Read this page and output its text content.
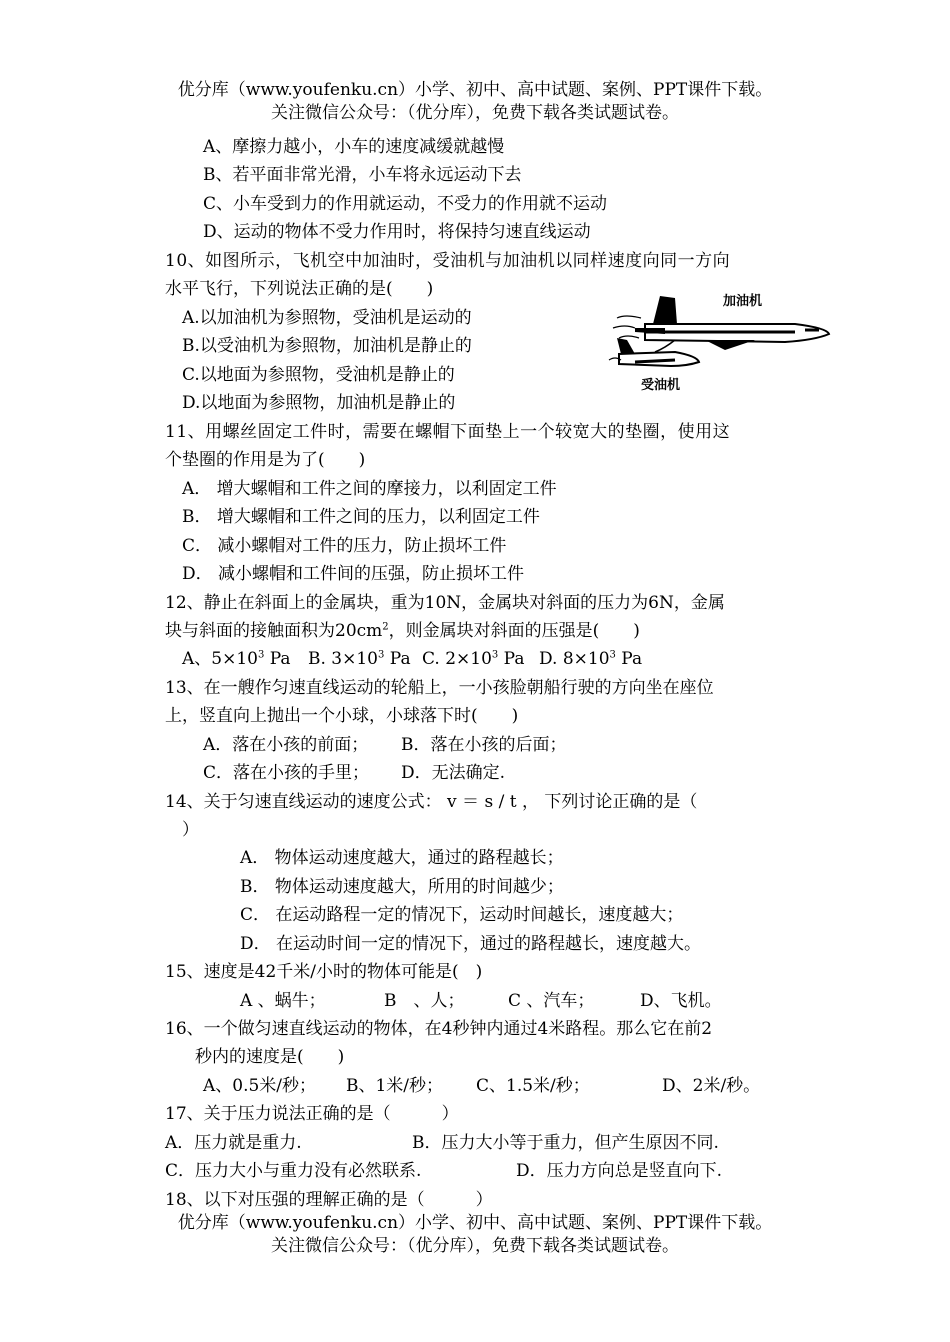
优分库（www.youfenku.cn）小学、初中、高中试题、案例、PPT课件下载。
关注微信公众号：（优分库），免费下载各类试题试卷。
A、摩擦力越小，小车的速度减缓就越慢
B、若平面非常光滑，小车将永远运动下去
C、小车受到力的作用就运动，不受力的作用就不运动
D、运动的物体不受力作用时，将保持匀速直线运动
10、如图所示，飞机空中加油时，受油机与加油机以同样速度向同一方向
水平飞行，下列说法正确的是(　　)
A.以加油机为参照物，受油机是运动的
B.以受油机为参照物，加油机是静止的
C.以地面为参照物，受油机是静止的
D.以地面为参照物，加油机是静止的
加油机
受油机
11、用螺丝固定工件时，需要在螺帽下面垫上一个较宽大的垫圈，使用这
个垫圈的作用是为了(　　)
A． 增大螺帽和工件之间的摩接力，以利固定工件
B． 增大螺帽和工件之间的压力，以利固定工件
C． 减小螺帽对工件的压力，防止损坏工件
D． 减小螺帽和工件间的压强，防止损坏工件
12、静止在斜面上的金属块，重为10N，金属块对斜面的压力为6N，金属
块与斜面的接触面积为$20cm^2$，则金属块对斜面的压强是(　　)
A、$5\times 10^3$ Pa B. $3\times 10^3$ Pa C. $2\times 10^3$ Pa D. $8\times 10^3$ Pa
13、在一艘作匀速直线运动的轮船上，一小孩脸朝船行驶的方向坐在座位
上，竖直向上抛出一个小球，小球落下时(　　)
A．落在小孩的前面； B．落在小孩的后面；
C．落在小孩的手里； D．无法确定.
14、关于匀速直线运动的速度公式： v ＝ s / t ， 下列讨论正确的是（
）
A． 物体运动速度越大，通过的路程越长；
B． 物体运动速度越大，所用的时间越少；
C． 在运动路程一定的情况下，运动时间越长，速度越大；
D． 在运动时间一定的情况下，通过的路程越长，速度越大。
15、速度是42千米/小时的物体可能是(　)
A 、蜗牛；	B　、人；	C 、汽车；	D、飞机。
16、一个做匀速直线运动的物体，在4秒钟内通过4米路程。那么它在前2
秒内的速度是(　　)
A、0.5米/秒； B、1米/秒； C、1.5米/秒；	D、2米/秒。
17、关于压力说法正确的是（　　　）
A．压力就是重力.	B．压力大小等于重力，但产生原因不同.
C．压力大小与重力没有必然联系.	D．压力方向总是竖直向下.
18、以下对压强的理解正确的是（　　　）
优分库（www.youfenku.cn）小学、初中、高中试题、案例、PPT课件下载。
关注微信公众号：（优分库），免费下载各类试题试卷。
